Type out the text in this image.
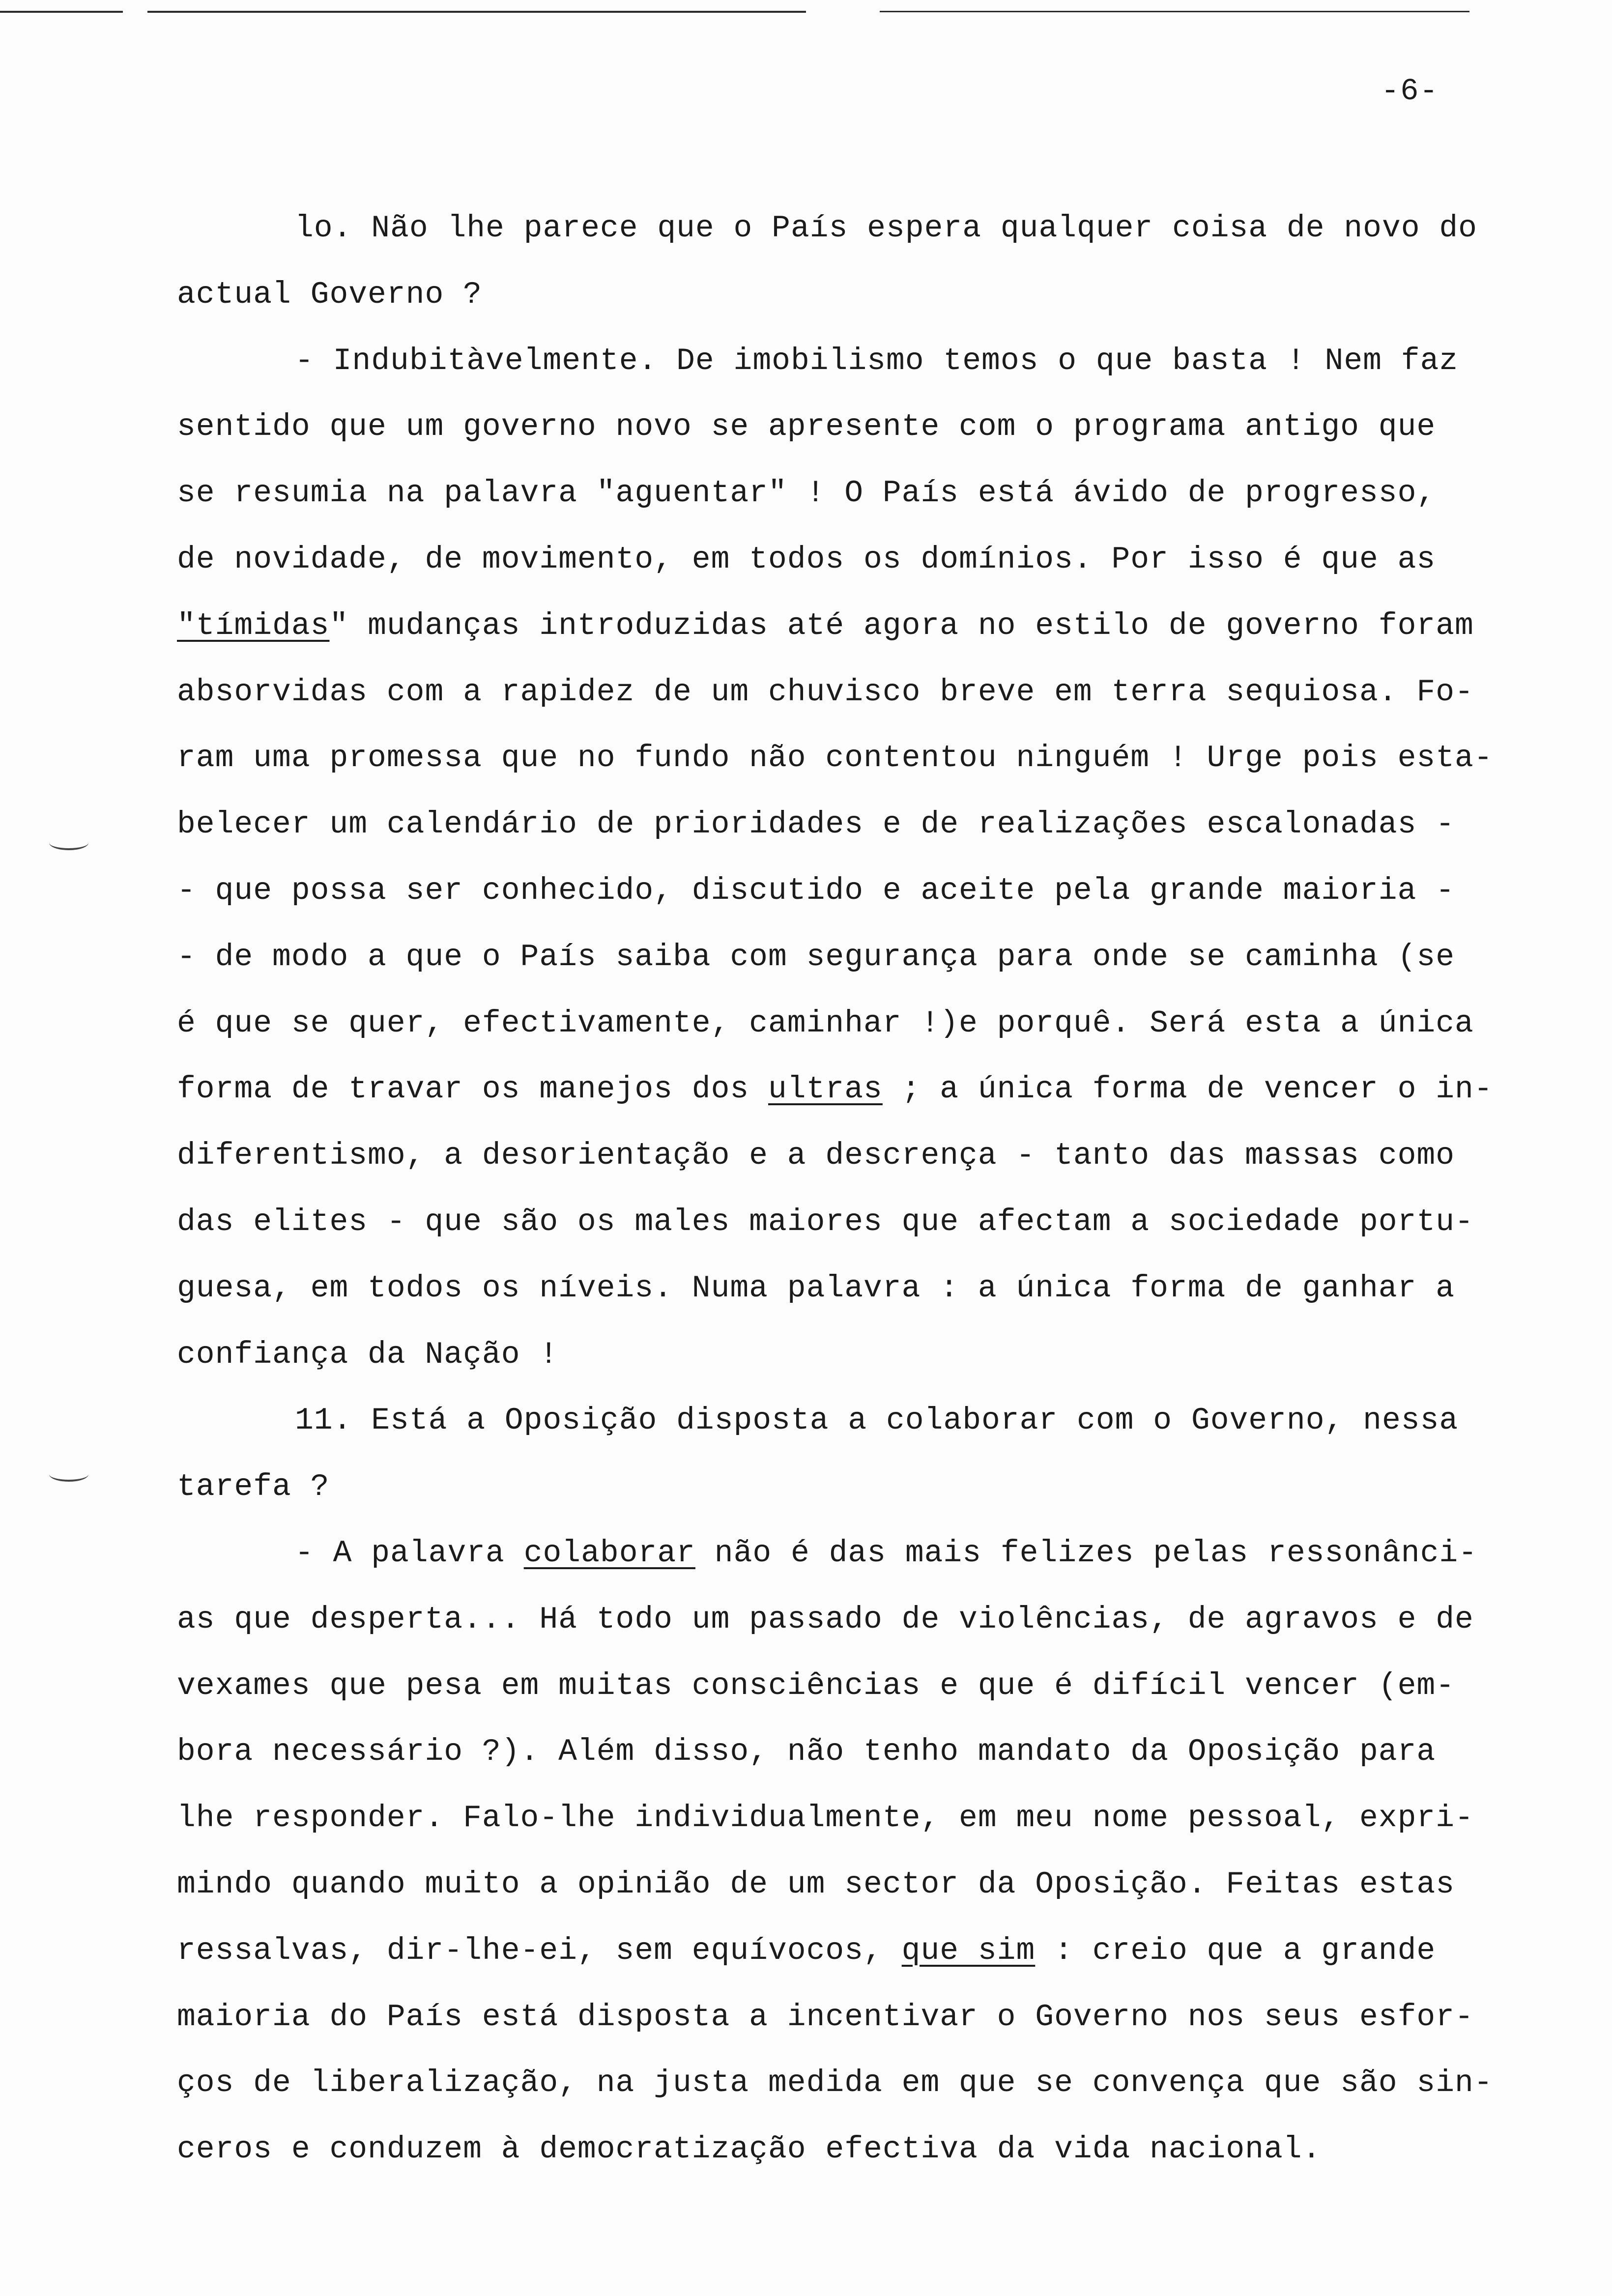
-6-
lo. Não lhe parece que o País espera qualquer coisa de novo do
actual Governo ?
- Indubitàvelmente. De imobilismo temos o que basta ! Nem faz
sentido que um governo novo se apresente com o programa antigo que
se resumia na palavra "aguentar" ! O País está ávido de progresso,
de novidade, de movimento, em todos os domínios. Por isso é que as
"tímidas" mudanças introduzidas até agora no estilo de governo foram
absorvidas com a rapidez de um chuvisco breve em terra sequiosa. Fo-
ram uma promessa que no fundo não contentou ninguém ! Urge pois esta-
belecer um calendário de prioridades e de realizações escalonadas -
- que possa ser conhecido, discutido e aceite pela grande maioria -
- de modo a que o País saiba com segurança para onde se caminha (se
é que se quer, efectivamente, caminhar !)e porquê. Será esta a única
forma de travar os manejos dos ultras ; a única forma de vencer o in-
diferentismo, a desorientação e a descrença - tanto das massas como
das elites - que são os males maiores que afectam a sociedade portu-
guesa, em todos os níveis. Numa palavra : a única forma de ganhar a
confiança da Nação !
11. Está a Oposição disposta a colaborar com o Governo, nessa
tarefa ?
- A palavra colaborar não é das mais felizes pelas ressonânci-
as que desperta... Há todo um passado de violências, de agravos e de
vexames que pesa em muitas consciências e que é difícil vencer (em-
bora necessário ?). Além disso, não tenho mandato da Oposição para
lhe responder. Falo-lhe individualmente, em meu nome pessoal, expri-
mindo quando muito a opinião de um sector da Oposição. Feitas estas
ressalvas, dir-lhe-ei, sem equívocos, que sim : creio que a grande
maioria do País está disposta a incentivar o Governo nos seus esfor-
ços de liberalização, na justa medida em que se convença que são sin-
ceros e conduzem à democratização efectiva da vida nacional.
